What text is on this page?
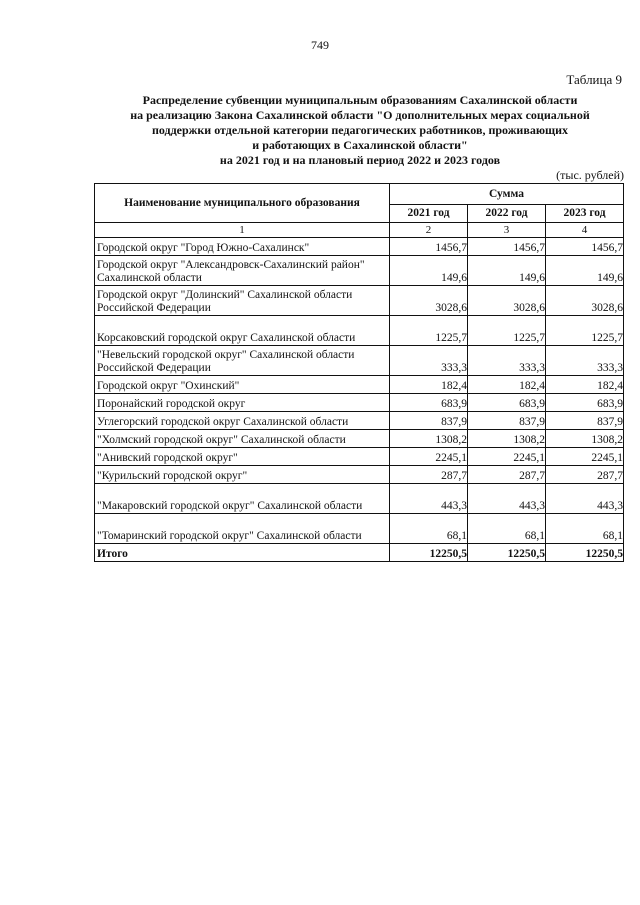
749
Таблица 9
Распределение субвенции муниципальным образованиям Сахалинской области
на реализацию Закона Сахалинской области "О дополнительных мерах социальной
поддержки отдельной категории педагогических работников, проживающих
и работающих в Сахалинской области"
на 2021 год и на плановый период 2022 и 2023 годов
(тыс. рублей)
Наименование муниципального образования	Сумма		
	2021 год	2022 год	2023 год
1	2	3	4
Городской округ "Город Южно-Сахалинск"	1456,7	1456,7	1456,7
Городской округ "Александровск-Сахалинский район" Сахалинской области	149,6	149,6	149,6
Городской округ "Долинский" Сахалинской области Российской Федерации	3028,6	3028,6	3028,6
Корсаковский городской округ Сахалинской области	1225,7	1225,7	1225,7
"Невельский городской округ" Сахалинской области Российской Федерации	333,3	333,3	333,3
Городской округ "Охинский"	182,4	182,4	182,4
Поронайский городской округ	683,9	683,9	683,9
Углегорский городской округ Сахалинской области	837,9	837,9	837,9
"Холмский городской округ" Сахалинской области	1308,2	1308,2	1308,2
"Анивский городской округ"	2245,1	2245,1	2245,1
"Курильский городской округ"	287,7	287,7	287,7
"Макаровский городской округ" Сахалинской области	443,3	443,3	443,3
"Томаринский городской округ" Сахалинской области	68,1	68,1	68,1
Итого	12250,5	12250,5	12250,5
